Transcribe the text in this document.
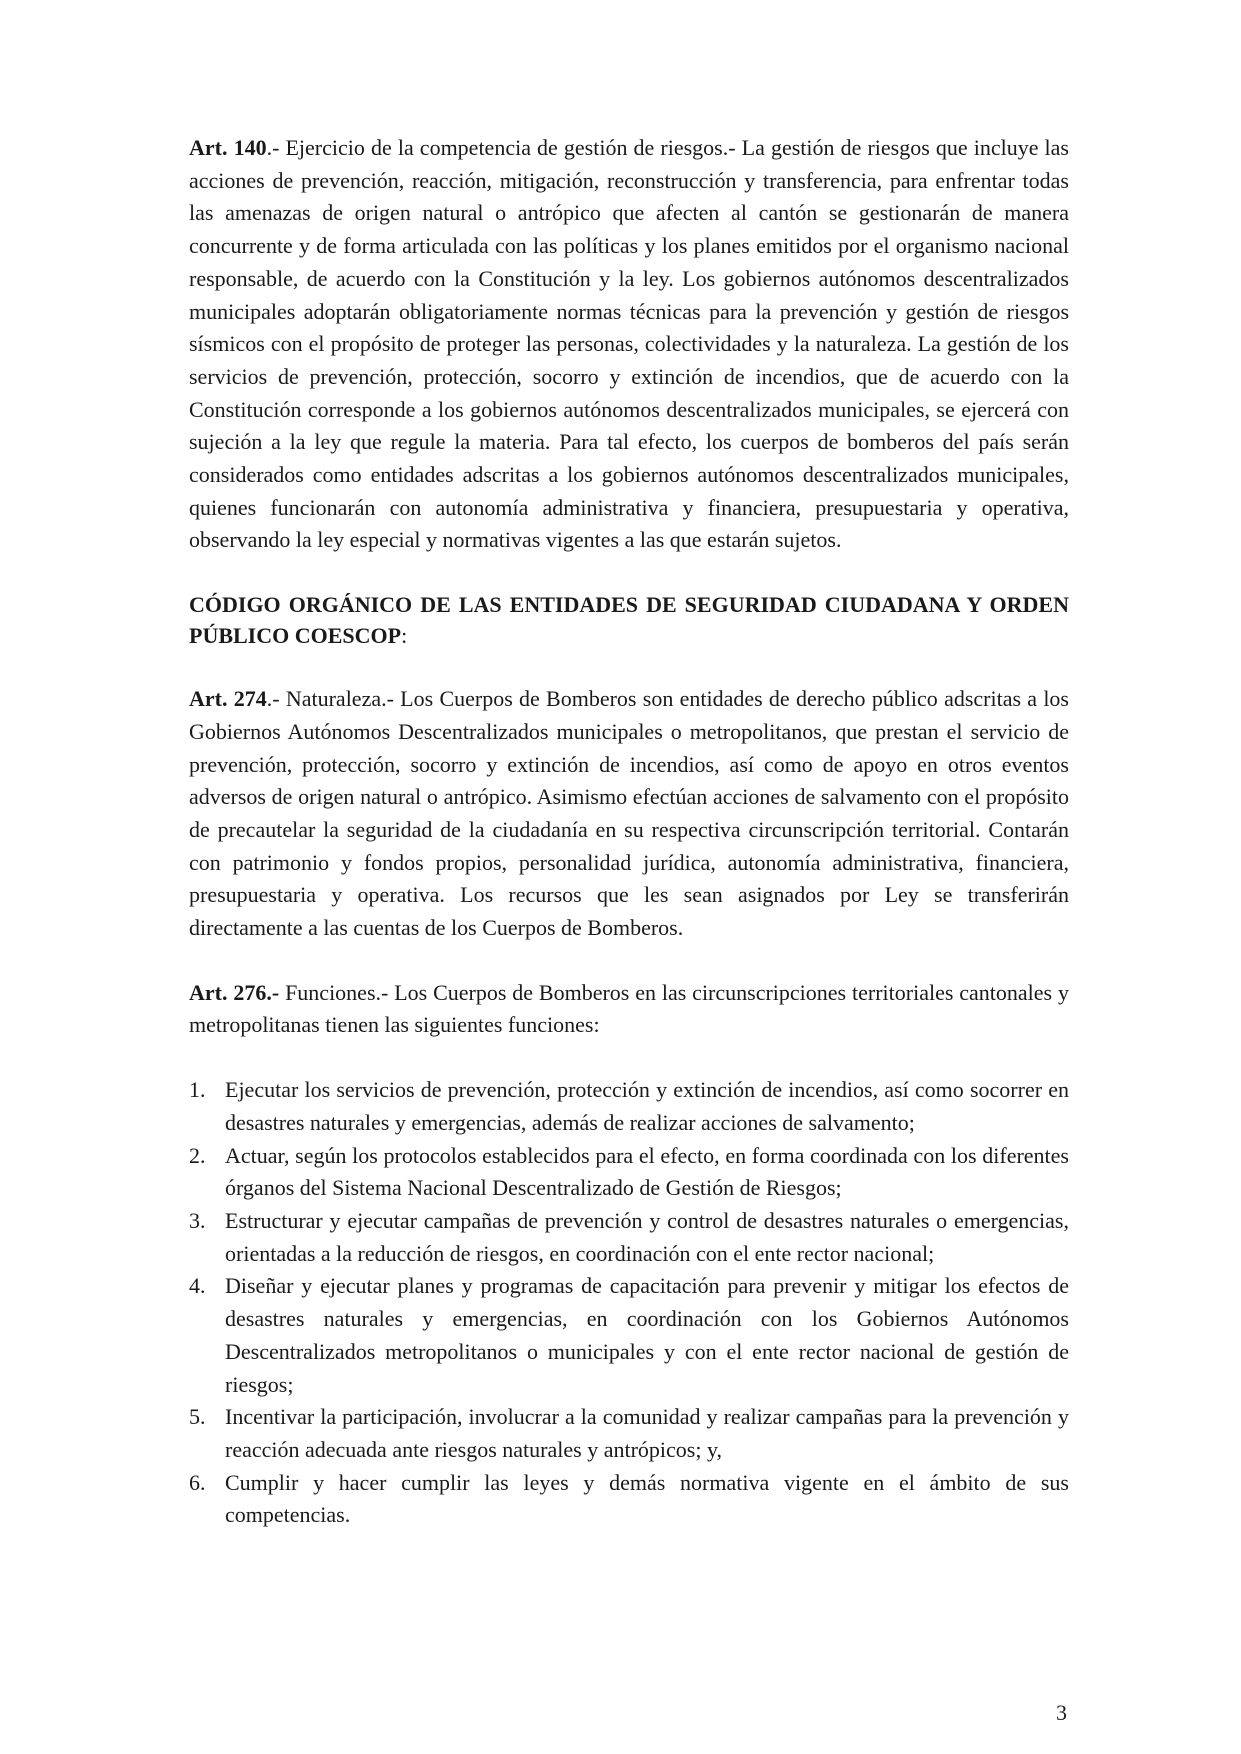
Art. 140.- Ejercicio de la competencia de gestión de riesgos.- La gestión de riesgos que incluye las acciones de prevención, reacción, mitigación, reconstrucción y transferencia, para enfrentar todas las amenazas de origen natural o antrópico que afecten al cantón se gestionarán de manera concurrente y de forma articulada con las políticas y los planes emitidos por el organismo nacional responsable, de acuerdo con la Constitución y la ley. Los gobiernos autónomos descentralizados municipales adoptarán obligatoriamente normas técnicas para la prevención y gestión de riesgos sísmicos con el propósito de proteger las personas, colectividades y la naturaleza. La gestión de los servicios de prevención, protección, socorro y extinción de incendios, que de acuerdo con la Constitución corresponde a los gobiernos autónomos descentralizados municipales, se ejercerá con sujeción a la ley que regule la materia. Para tal efecto, los cuerpos de bomberos del país serán considerados como entidades adscritas a los gobiernos autónomos descentralizados municipales, quienes funcionarán con autonomía administrativa y financiera, presupuestaria y operativa, observando la ley especial y normativas vigentes a las que estarán sujetos.

CÓDIGO ORGÁNICO DE LAS ENTIDADES DE SEGURIDAD CIUDADANA Y ORDEN PÚBLICO COESCOP:

Art. 274.- Naturaleza.- Los Cuerpos de Bomberos son entidades de derecho público adscritas a los Gobiernos Autónomos Descentralizados municipales o metropolitanos, que prestan el servicio de prevención, protección, socorro y extinción de incendios, así como de apoyo en otros eventos adversos de origen natural o antrópico. Asimismo efectúan acciones de salvamento con el propósito de precautelar la seguridad de la ciudadanía en su respectiva circunscripción territorial. Contarán con patrimonio y fondos propios, personalidad jurídica, autonomía administrativa, financiera, presupuestaria y operativa. Los recursos que les sean asignados por Ley se transferirán directamente a las cuentas de los Cuerpos de Bomberos.

Art. 276.- Funciones.- Los Cuerpos de Bomberos en las circunscripciones territoriales cantonales y metropolitanas tienen las siguientes funciones:

1. Ejecutar los servicios de prevención, protección y extinción de incendios, así como socorrer en desastres naturales y emergencias, además de realizar acciones de salvamento;
2. Actuar, según los protocolos establecidos para el efecto, en forma coordinada con los diferentes órganos del Sistema Nacional Descentralizado de Gestión de Riesgos;
3. Estructurar y ejecutar campañas de prevención y control de desastres naturales o emergencias, orientadas a la reducción de riesgos, en coordinación con el ente rector nacional;
4. Diseñar y ejecutar planes y programas de capacitación para prevenir y mitigar los efectos de desastres naturales y emergencias, en coordinación con los Gobiernos Autónomos Descentralizados metropolitanos o municipales y con el ente rector nacional de gestión de riesgos;
5. Incentivar la participación, involucrar a la comunidad y realizar campañas para la prevención y reacción adecuada ante riesgos naturales y antrópicos; y,
6. Cumplir y hacer cumplir las leyes y demás normativa vigente en el ámbito de sus competencias.
3
